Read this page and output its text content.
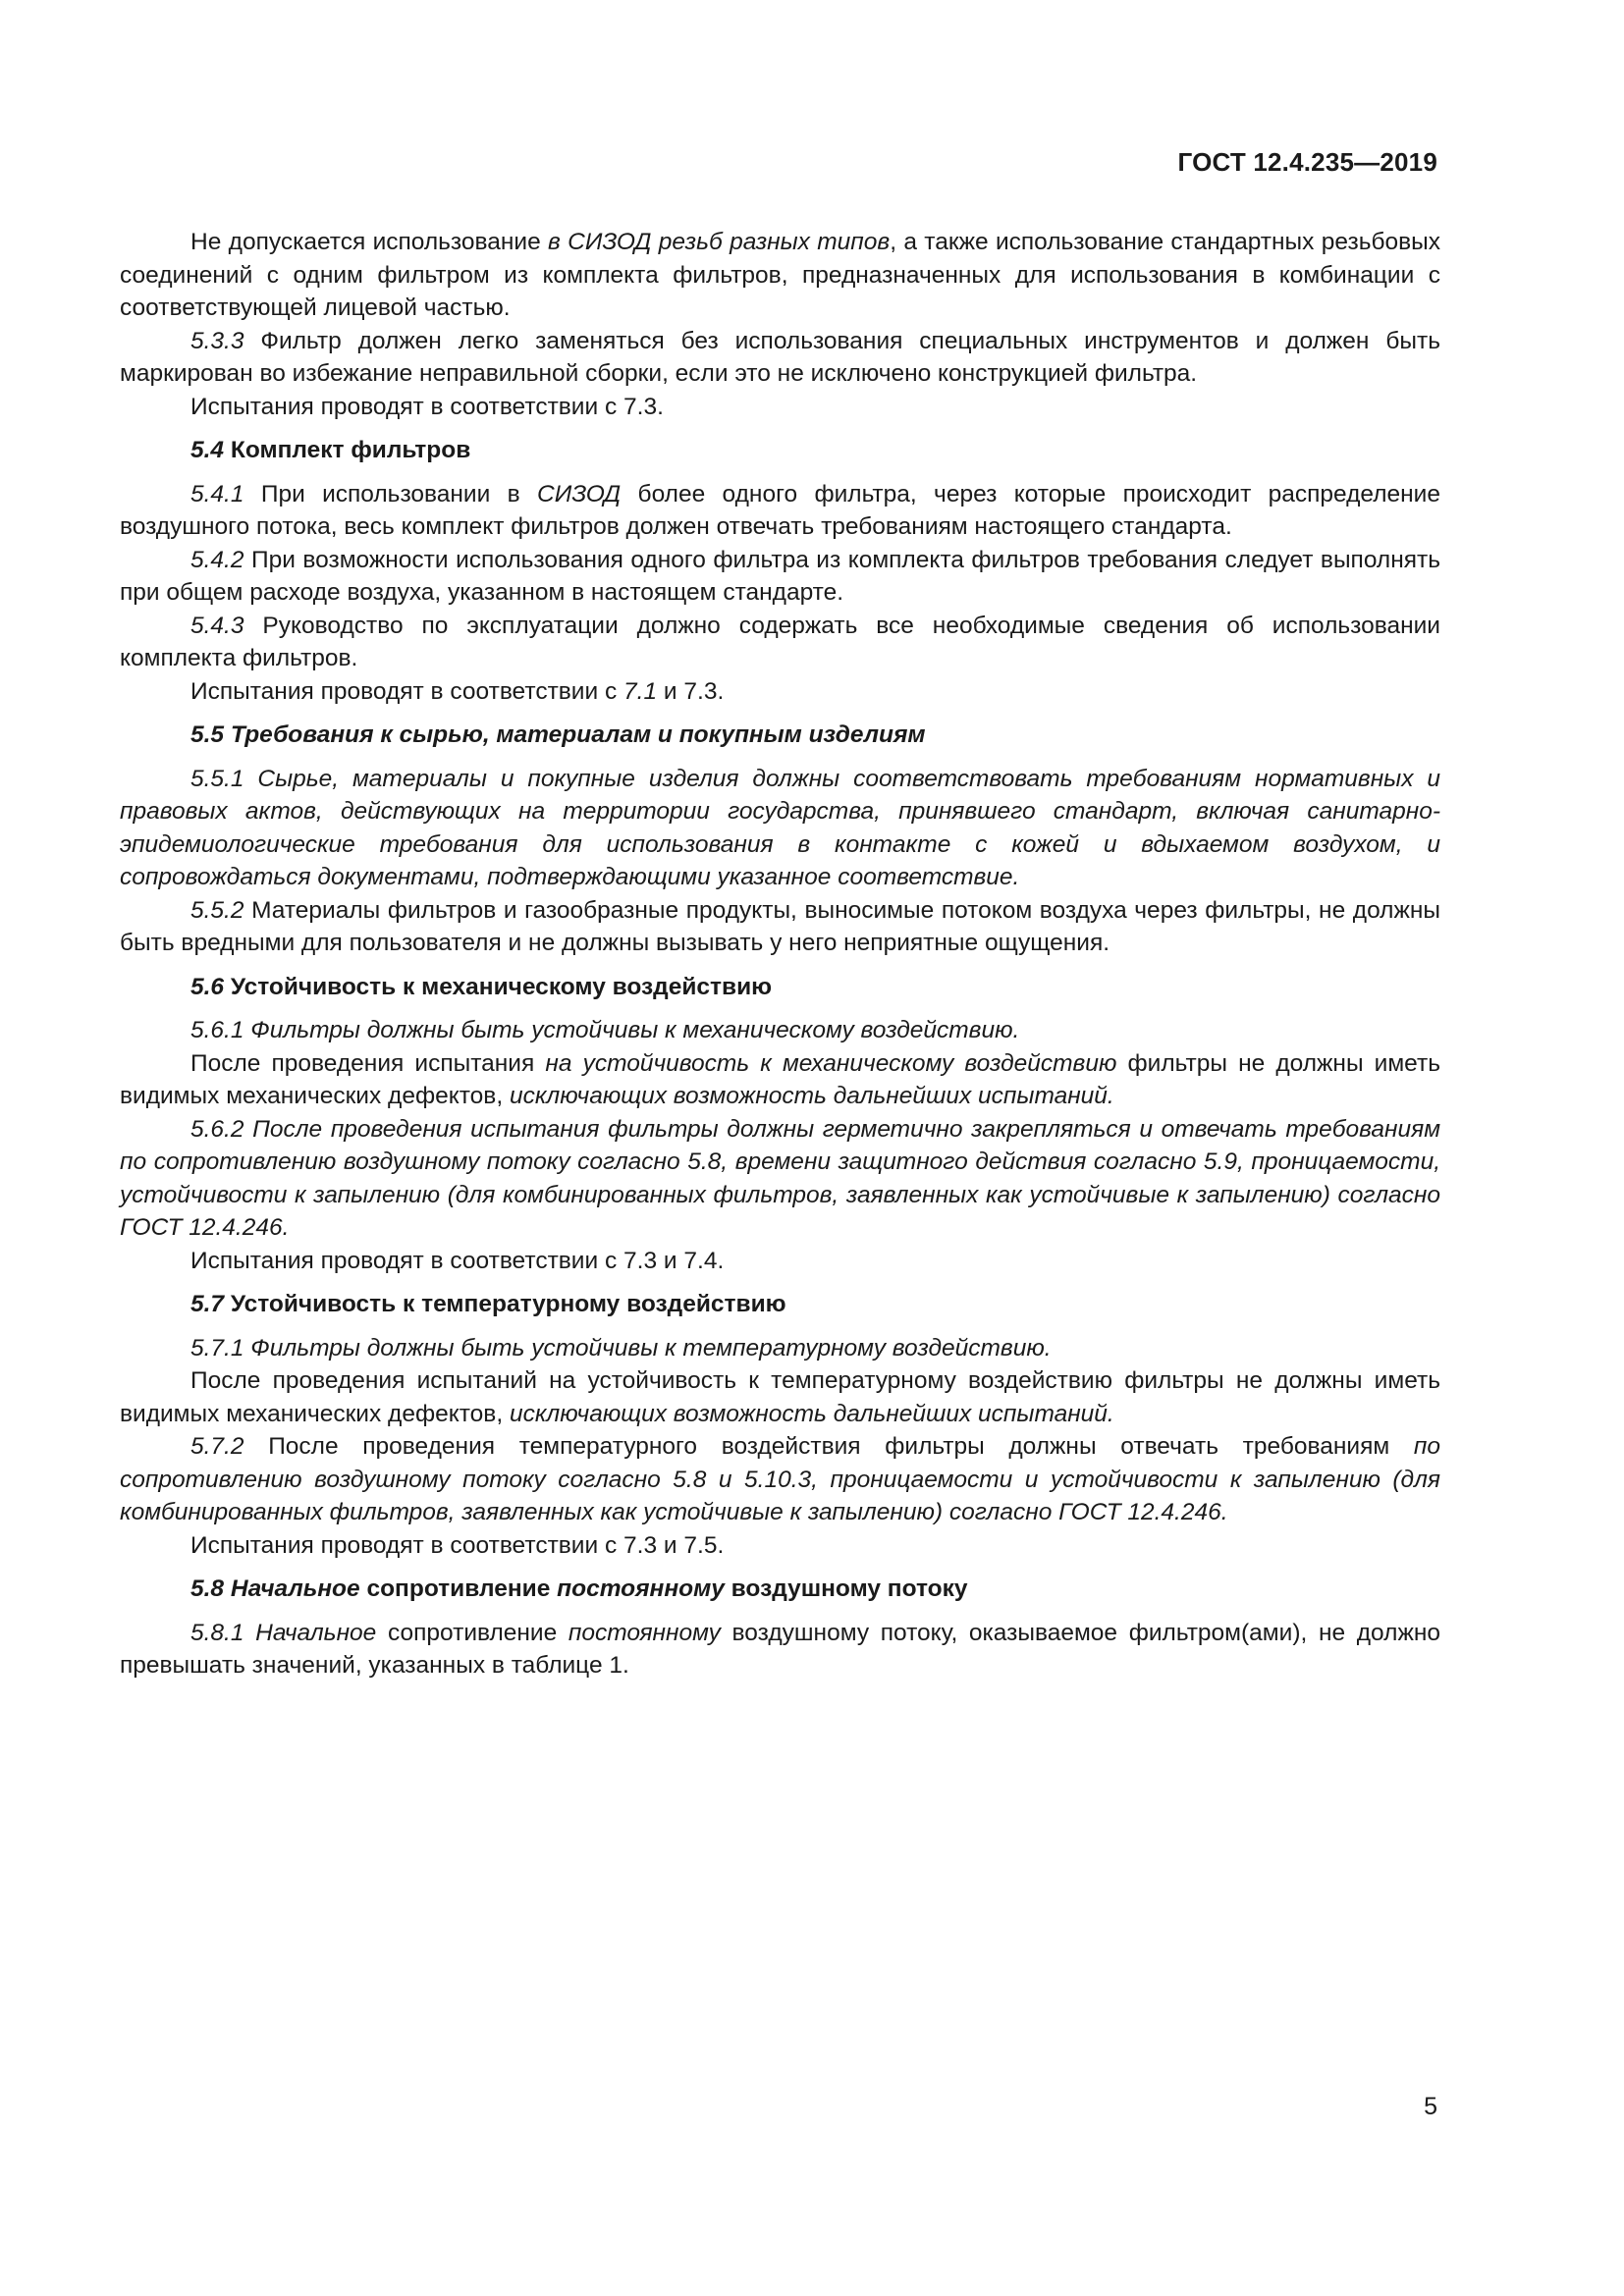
ГОСТ 12.4.235—2019

Не допускается использование в СИЗОД резьб разных типов, а также использование стандартных резьбовых соединений с одним фильтром из комплекта фильтров, предназначенных для использования в комбинации с соответствующей лицевой частью.

5.3.3 Фильтр должен легко заменяться без использования специальных инструментов и должен быть маркирован во избежание неправильной сборки, если это не исключено конструкцией фильтра.

Испытания проводят в соответствии с 7.3.

5.4 Комплект фильтров

5.4.1 При использовании в СИЗОД более одного фильтра, через которые происходит распределение воздушного потока, весь комплект фильтров должен отвечать требованиям настоящего стандарта.

5.4.2 При возможности использования одного фильтра из комплекта фильтров требования следует выполнять при общем расходе воздуха, указанном в настоящем стандарте.

5.4.3 Руководство по эксплуатации должно содержать все необходимые сведения об использовании комплекта фильтров.

Испытания проводят в соответствии с 7.1 и 7.3.

5.5 Требования к сырью, материалам и покупным изделиям

5.5.1 Сырье, материалы и покупные изделия должны соответствовать требованиям нормативных и правовых актов, действующих на территории государства, принявшего стандарт, включая санитарно-эпидемиологические требования для использования в контакте с кожей и вдыхаемом воздухом, и сопровождаться документами, подтверждающими указанное соответствие.

5.5.2 Материалы фильтров и газообразные продукты, выносимые потоком воздуха через фильтры, не должны быть вредными для пользователя и не должны вызывать у него неприятные ощущения.

5.6 Устойчивость к механическому воздействию

5.6.1 Фильтры должны быть устойчивы к механическому воздействию.

После проведения испытания на устойчивость к механическому воздействию фильтры не должны иметь видимых механических дефектов, исключающих возможность дальнейших испытаний.

5.6.2 После проведения испытания фильтры должны герметично закрепляться и отвечать требованиям по сопротивлению воздушному потоку согласно 5.8, времени защитного действия согласно 5.9, проницаемости, устойчивости к запылению (для комбинированных фильтров, заявленных как устойчивые к запылению) согласно ГОСТ 12.4.246.

Испытания проводят в соответствии с 7.3 и 7.4.

5.7 Устойчивость к температурному воздействию

5.7.1 Фильтры должны быть устойчивы к температурному воздействию.

После проведения испытаний на устойчивость к температурному воздействию фильтры не должны иметь видимых механических дефектов, исключающих возможность дальнейших испытаний.

5.7.2 После проведения температурного воздействия фильтры должны отвечать требованиям по сопротивлению воздушному потоку согласно 5.8 и 5.10.3, проницаемости и устойчивости к запылению (для комбинированных фильтров, заявленных как устойчивые к запылению) согласно ГОСТ 12.4.246.

Испытания проводят в соответствии с 7.3 и 7.5.

5.8 Начальное сопротивление постоянному воздушному потоку

5.8.1 Начальное сопротивление постоянному воздушному потоку, оказываемое фильтром(ами), не должно превышать значений, указанных в таблице 1.

5
